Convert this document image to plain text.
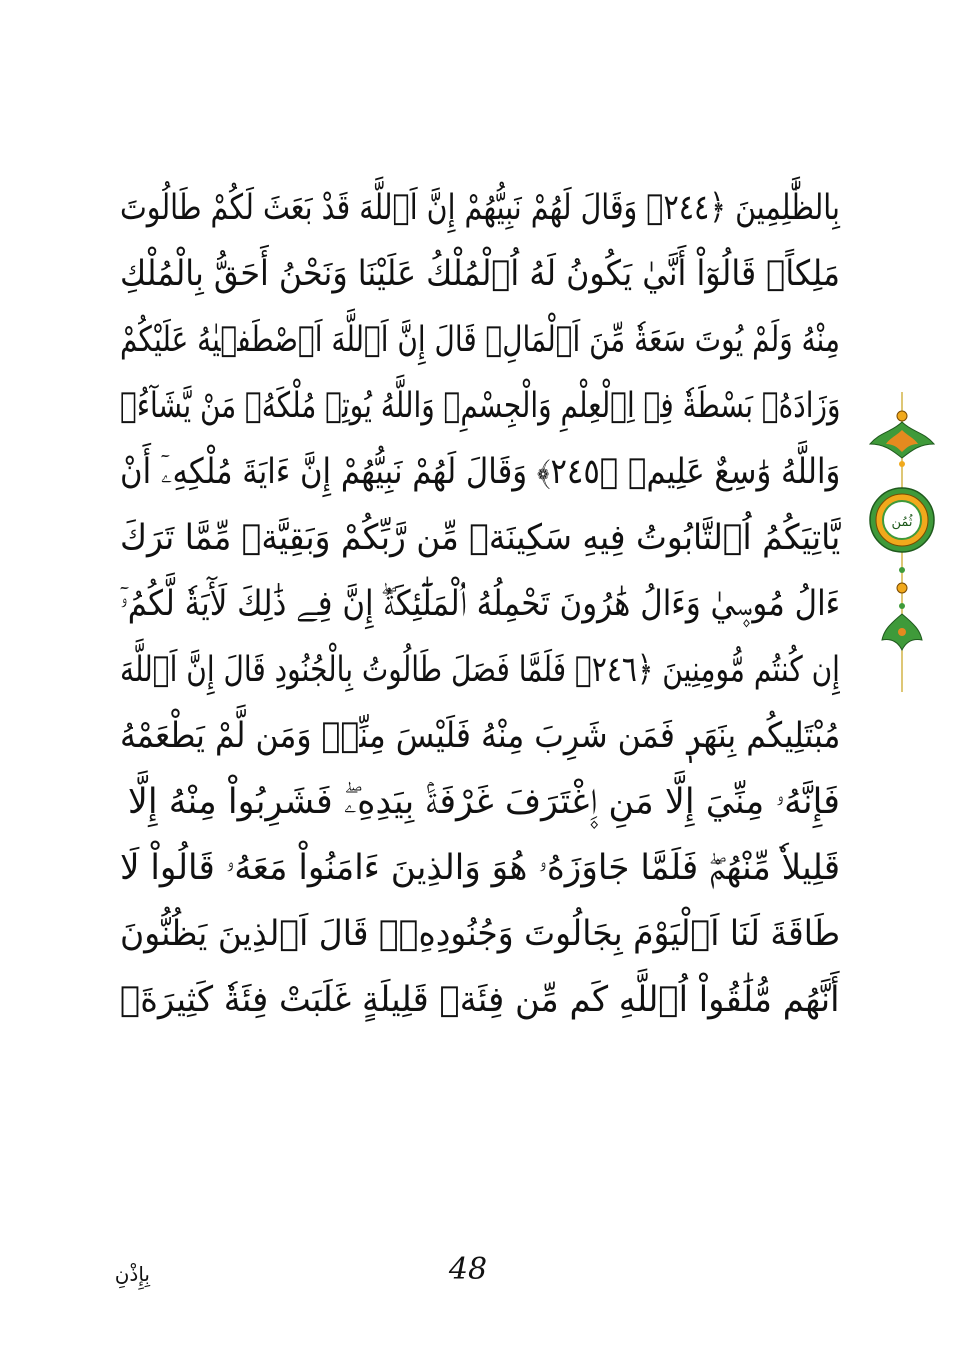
بِالظَّٰلِمِينَ ﴿٢٤٤﴾ وَقَالَ لَهُمْ نَبِيُّهُمْ إِنَّ اَ۬للَّهَ قَدْ بَعَثَ لَكُمْ طَالُوتَ
مَلِكاًۖ قَالُوٓاْ أَنَّيٰ يَكُونُ لَهُ اُ۬لْمُلْكُ عَلَيْنَا وَنَحْنُ أَحَقُّ بِالْمُلْكِ
مِنْهُ وَلَمْ يُوتَ سَعَةٗ مِّنَ اَ۬لْمَالِۖ قَالَ إِنَّ اَ۬للَّهَ اَ۪صْطَف۪يٰهُ عَلَيْكُمْ
وَزَادَهُۥ بَسْطَةٗ فِے اِ۬لْعِلْمِ وَالْجِسْمِۖ وَاللَّهُ يُوتِے مُلْكَهُۥ مَنْ يَّشَآءُۖ
وَاللَّهُ وَٰسِعٌ عَلِيمٞ ﴿٢٤٥﴾ وَقَالَ لَهُمْ نَبِيُّهُمْ إِنَّ ءَايَةَ مُلْكِهِۦٓ أَنْ
يَّاتِيَكُمُ اُ۬لتَّابُوتُ فِيهِ سَكِينَةٞ مِّن رَّبِّكُمْ وَبَقِيَّةٞ مِّمَّا تَرَكَ
ءَالُ مُوس۪يٰ وَءَالُ هَٰرُونَ تَحْمِلُهُ اُ۬لْمَلَٰٓئِكَةُۖ إِنَّ فِے ذَٰلِكَ لَأٓيَةٗ لَّكُمُۥٓ
إِن كُنتُم مُّومِنِينَ ﴿٢٤٦﴾ فَلَمَّا فَصَلَ طَالُوتُ بِالْجُنُودِ قَالَ إِنَّ اَ۬للَّهَ
مُبْتَلِيكُم بِنَهَرٖ فَمَن شَرِبَ مِنْهُ فَلَيْسَ مِنِّےۖ وَمَن لَّمْ يَطْعَمْهُ
فَإِنَّهُۥ مِنِّيَ إِلَّا مَنِ اِ۪غْتَرَفَ غَرْفَةَۢ بِيَدِهِۦۖ فَشَرِبُواْ مِنْهُ إِلَّا
قَلِيلاٗ مِّنْهُمْۖ فَلَمَّا جَاوَزَهُۥ هُوَ وَالذِينَ ءَامَنُواْ مَعَهُۥ قَالُواْ لَا
طَاقَةَ لَنَا اَ۬لْيَوْمَ بِجَالُوتَ وَجُنُودِهِۦۖ قَالَ اَ۬لذِينَ يَظُنُّونَ
أَنَّهُم مُّلَٰقُواْ اُ۬للَّهِ كَم مِّن فِئَةٖ قَلِيلَةٍ غَلَبَتْ فِئَةٗ كَثِيرَةَۢ
ثُمُن
48
بِإِذْنِ
